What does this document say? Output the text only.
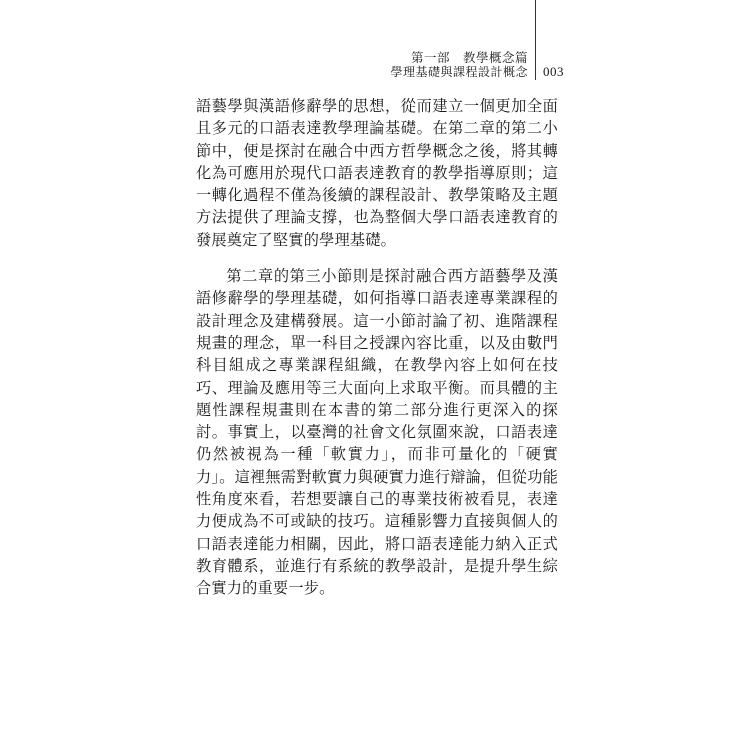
第一部　教學概念篇
學理基礎與課程設計概念 003

語藝學與漢語修辭學的思想，從而建立一個更加全面且多元的口語表達教學理論基礎。在第二章的第二小節中，便是探討在融合中西方哲學概念之後，將其轉化為可應用於現代口語表達教育的教學指導原則；這一轉化過程不僅為後續的課程設計、教學策略及主題方法提供了理論支撐，也為整個大學口語表達教育的發展奠定了堅實的學理基礎。

第二章的第三小節則是探討融合西方語藝學及漢語修辭學的學理基礎，如何指導口語表達專業課程的設計理念及建構發展。這一小節討論了初、進階課程規畫的理念，單一科目之授課內容比重，以及由數門科目組成之專業課程組織，在教學內容上如何在技巧、理論及應用等三大面向上求取平衡。而具體的主題性課程規畫則在本書的第二部分進行更深入的探討。事實上，以臺灣的社會文化氛圍來說，口語表達仍然被視為一種「軟實力」，而非可量化的「硬實力」。這裡無需對軟實力與硬實力進行辯論，但從功能性角度來看，若想要讓自己的專業技術被看見，表達力便成為不可或缺的技巧。這種影響力直接與個人的口語表達能力相關，因此，將口語表達能力納入正式教育體系，並進行有系統的教學設計，是提升學生綜合實力的重要一步。
